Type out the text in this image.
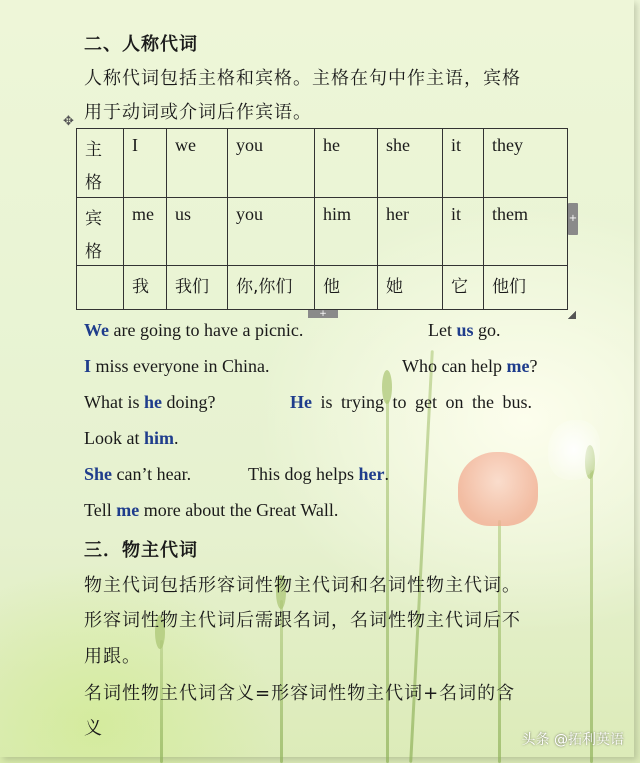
二、人称代词
人称代词包括主格和宾格。主格在句中作主语，宾格
用于动词或介词后作宾语。
✥
主
格	I	we	you	he	she	it	they

宾
格	me	us	you	him	her	it	them
	我	我们	你,你们	他	她	它	他们
+
+
We are going to have a picnic.	Let us go.
I miss everyone in China.	Who can help me?
What is he doing?	He is trying to get on the bus.
Look at him.
She can’t hear.	This dog helps her.
Tell me more about the Great Wall.
三．物主代词
物主代词包括形容词性物主代词和名词性物主代词。
形容词性物主代词后需跟名词，名词性物主代词后不
用跟。
名词性物主代词含义=形容词性物主代词+名词的含
义
头条 @拓利英语
